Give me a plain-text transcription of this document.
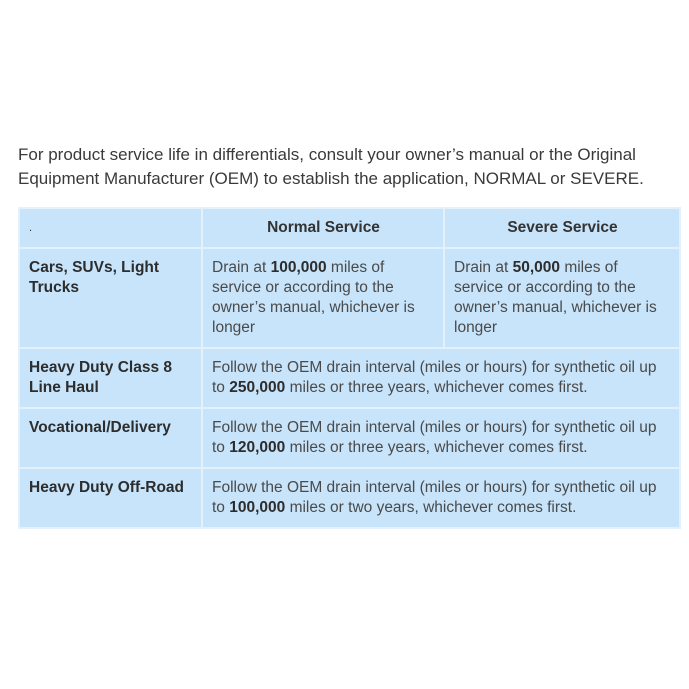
For product service life in differentials, consult your owner’s manual or the Original Equipment Manufacturer (OEM) to establish the application, NORMAL or SEVERE.

.	Normal Service	Severe Service
Cars, SUVs, Light Trucks	Drain at 100,000 miles of service or according to the owner’s manual, whichever is longer	Drain at 50,000 miles of service or according to the owner’s manual, whichever is longer
Heavy Duty Class 8 Line Haul	Follow the OEM drain interval (miles or hours) for synthetic oil up to 250,000 miles or three years, whichever comes first.	
Vocational/Delivery	Follow the OEM drain interval (miles or hours) for synthetic oil up to 120,000 miles or three years, whichever comes first.	
Heavy Duty Off-Road	Follow the OEM drain interval (miles or hours) for synthetic oil up to 100,000 miles or two years, whichever comes first.	
